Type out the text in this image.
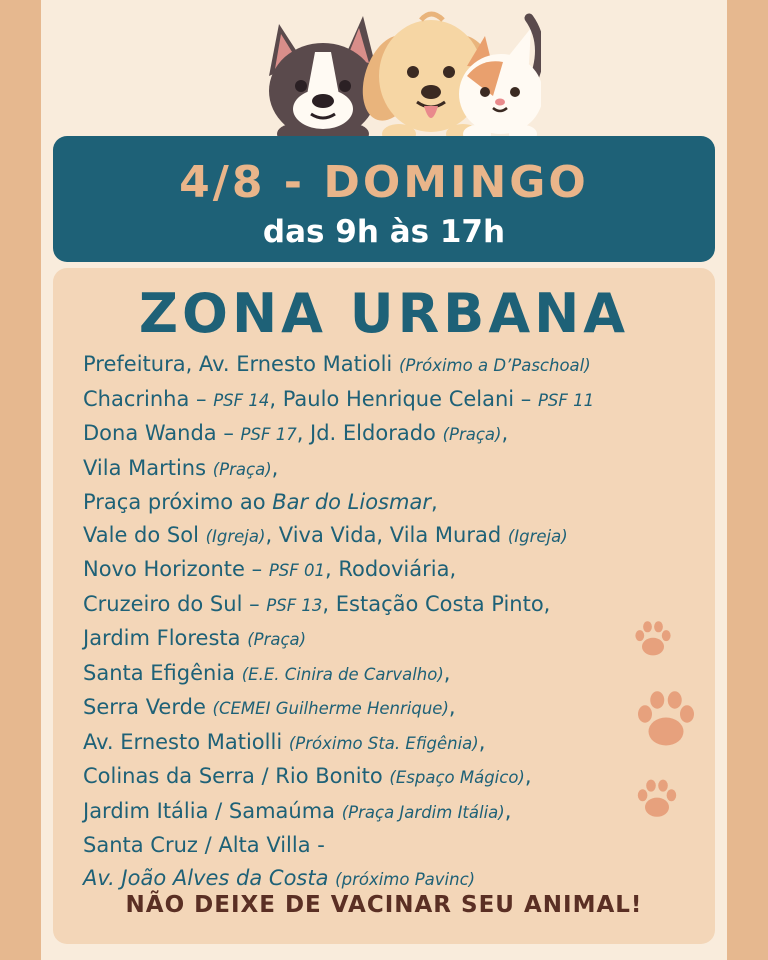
4/8 - DOMINGO
das 9h às 17h
ZONA URBANA
Prefeitura, Av. Ernesto Matioli (Próximo a D’Paschoal)
Chacrinha – PSF 14, Paulo Henrique Celani – PSF 11
Dona Wanda – PSF 17, Jd. Eldorado (Praça),
Vila Martins (Praça),
Praça próximo ao Bar do Liosmar,
Vale do Sol (Igreja), Viva Vida, Vila Murad (Igreja)
Novo Horizonte – PSF 01, Rodoviária,
Cruzeiro do Sul – PSF 13, Estação Costa Pinto,
Jardim Floresta (Praça)
Santa Efigênia (E.E. Cinira de Carvalho),
Serra Verde (CEMEI Guilherme Henrique),
Av. Ernesto Matiolli (Próximo Sta. Efigênia),
Colinas da Serra / Rio Bonito (Espaço Mágico),
Jardim Itália / Samaúma (Praça Jardim Itália),
Santa Cruz / Alta Villa -
Av. João Alves da Costa (próximo Pavinc)
NÃO DEIXE DE VACINAR SEU ANIMAL!
